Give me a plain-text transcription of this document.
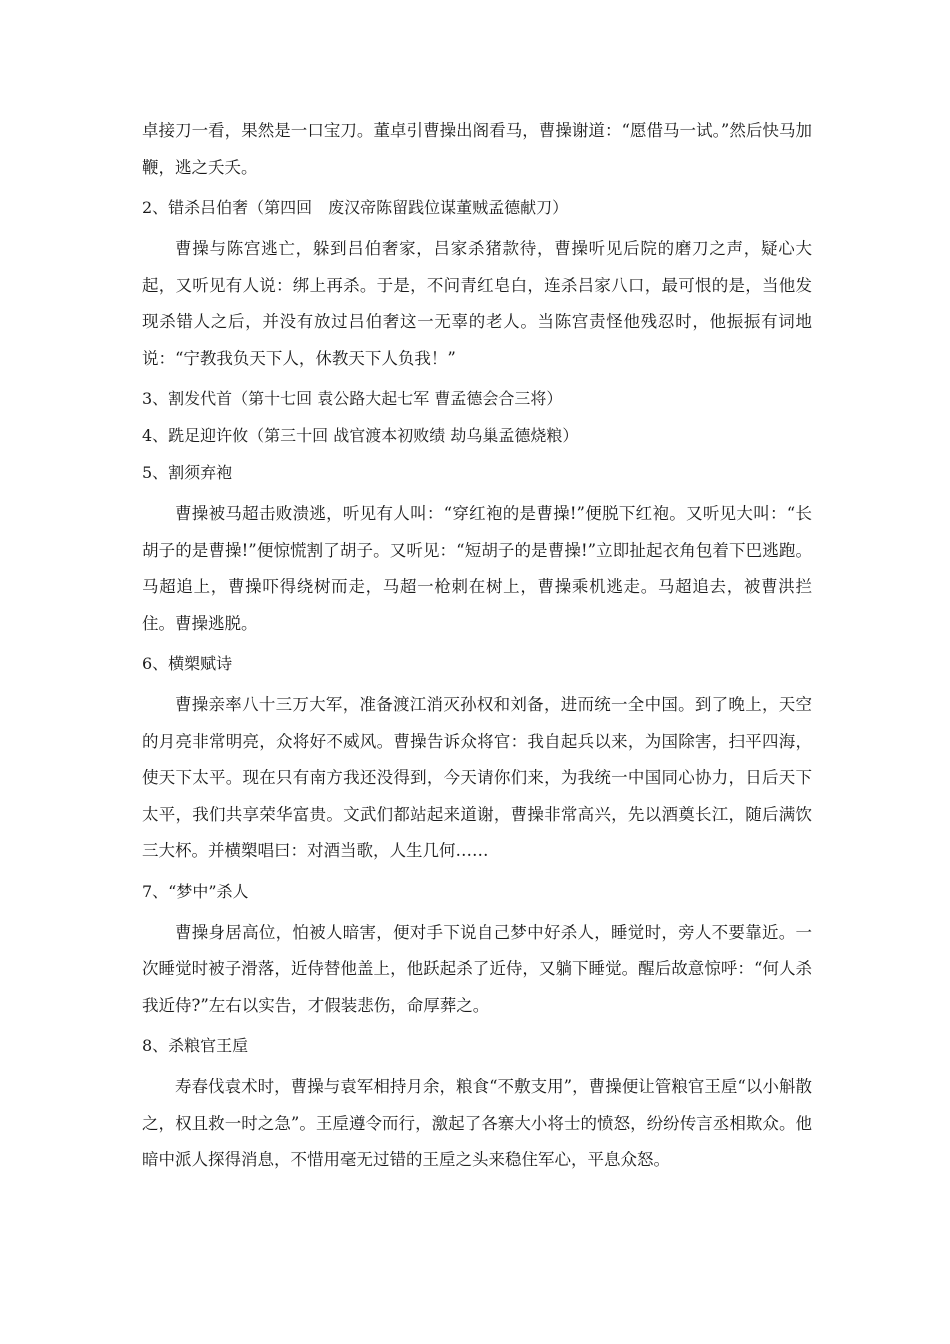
卓接刀一看，果然是一口宝刀。董卓引曹操出阁看马，曹操谢道：“愿借马一试。”然后快马加鞭，逃之夭夭。

2、错杀吕伯奢（第四回　废汉帝陈留践位谋董贼孟德献刀）

曹操与陈宫逃亡，躲到吕伯奢家，吕家杀猪款待，曹操听见后院的磨刀之声，疑心大起，又听见有人说：绑上再杀。于是，不问青红皂白，连杀吕家八口，最可恨的是，当他发现杀错人之后，并没有放过吕伯奢这一无辜的老人。当陈宫责怪他残忍时，他振振有词地说：“宁教我负天下人，休教天下人负我！”

3、割发代首（第十七回 袁公路大起七军 曹孟德会合三将）

4、跣足迎许攸（第三十回 战官渡本初败绩 劫乌巢孟德烧粮）

5、割须弃袍

曹操被马超击败溃逃，听见有人叫：“穿红袍的是曹操!”便脱下红袍。又听见大叫：“长胡子的是曹操!”便惊慌割了胡子。又听见：“短胡子的是曹操!”立即扯起衣角包着下巴逃跑。马超追上，曹操吓得绕树而走，马超一枪刺在树上，曹操乘机逃走。马超追去，被曹洪拦住。曹操逃脱。

6、横槊赋诗

曹操亲率八十三万大军，准备渡江消灭孙权和刘备，进而统一全中国。到了晚上，天空的月亮非常明亮，众将好不威风。曹操告诉众将官：我自起兵以来，为国除害，扫平四海，使天下太平。现在只有南方我还没得到，今天请你们来，为我统一中国同心协力，日后天下太平，我们共享荣华富贵。文武们都站起来道谢，曹操非常高兴，先以酒奠长江，随后满饮三大杯。并横槊唱曰：对酒当歌，人生几何……

7、“梦中”杀人

曹操身居高位，怕被人暗害，便对手下说自己梦中好杀人，睡觉时，旁人不要靠近。一次睡觉时被子滑落，近侍替他盖上，他跃起杀了近侍，又躺下睡觉。醒后故意惊呼：“何人杀我近侍?”左右以实告，才假装悲伤，命厚葬之。

8、杀粮官王垕

寿春伐袁术时，曹操与袁军相持月余，粮食“不敷支用”，曹操便让管粮官王垕“以小斛散之，权且救一时之急”。王垕遵令而行，激起了各寨大小将士的愤怒，纷纷传言丞相欺众。他暗中派人探得消息，不惜用毫无过错的王垕之头来稳住军心，平息众怒。
